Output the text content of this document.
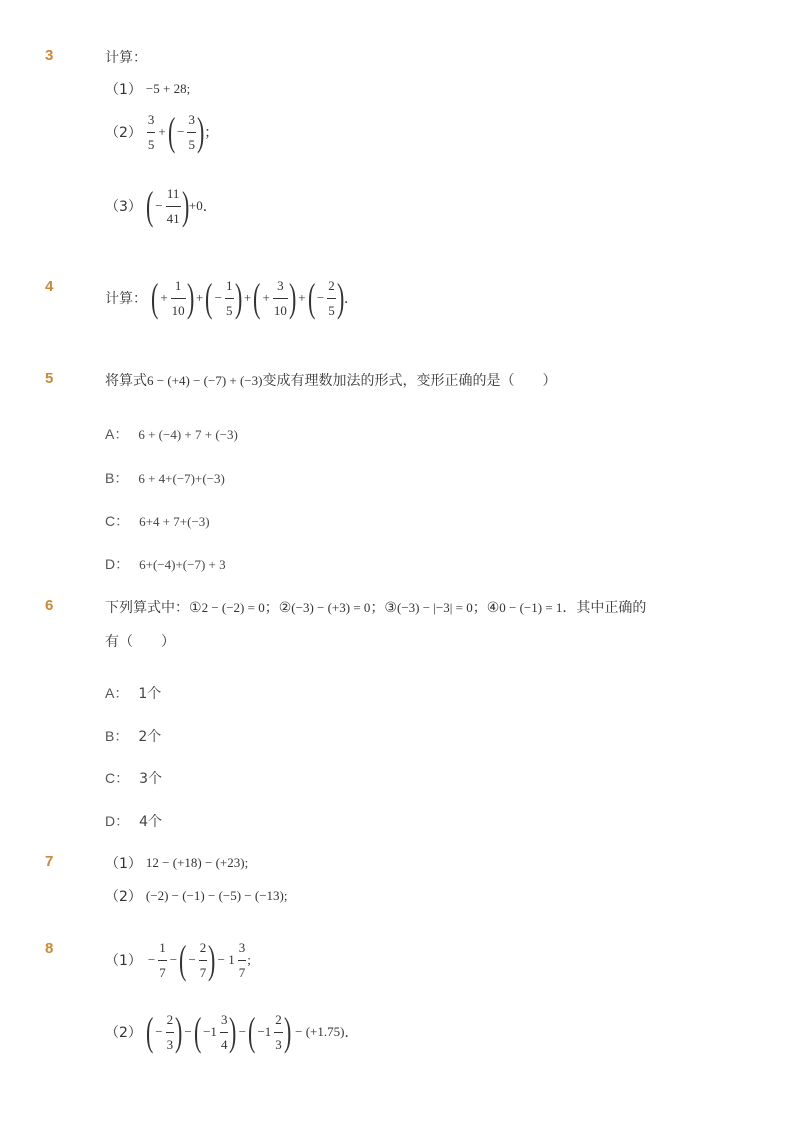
3	计算：
（1） −5 + 28;
$(2) \frac{3}{5}$ + ( − $\frac{3}{5}$ ) ；
（3） ( − $\frac{11}{41}$ ) +0 ．
4
计算： ( + $\frac{1}{10}$ ) + ( − $\frac{1}{5}$ ) + ( + $\frac{3}{10}$ ) + ( − $\frac{2}{5}$ ) ．
5	将算式6 − (+4) − (−7) + (−3)变成有理数加法的形式，变形正确的是（　　）
A： 6 + (−4) + 7 + (−3)
B： 6 + 4+(−7)+(−3)
C： 6+4 + 7+(−3)
D： 6+(−4)+(−7) + 3
6	下列算式中：①2 − (−2) = 0；②(−3) − (+3) = 0；③(−3) − |−3| = 0；④0 − (−1) = 1．其中正确的
有（　　）
A： 1个
B： 2个
C： 3个
D： 4个
7	（1） 12 − (+18) − (+23);
（2） (−2) − (−1) − (−5) − (−13);
8
$(1) - \frac{1}{7}$ − ( − $\frac{2}{7}$ ) − $1 \frac{3}{7}$ ;
（2） ( − $\frac{2}{3}$ ) − ( $-1 \frac{3}{4}$ ) − ( $-1 \frac{2}{3}$ ) − (+1.75) ．
